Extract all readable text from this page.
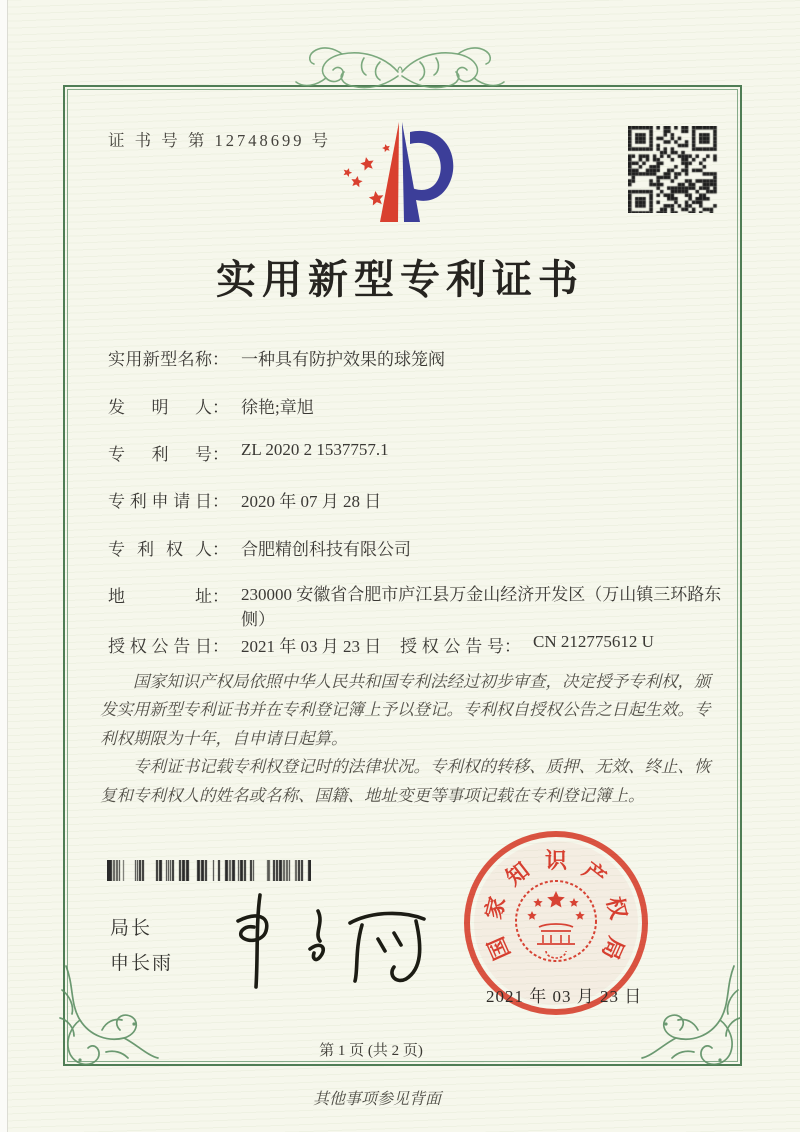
证 书 号 第 12748699 号
实用新型专利证书
实用新型名称： 一种具有防护效果的球笼阀
发明人： 徐艳;章旭
专利号： ZL 2020 2 1537757.1
专利申请日： 2020 年 07 月 28 日
专利权人： 合肥精创科技有限公司
地址： 230000 安徽省合肥市庐江县万金山经济开发区（万山镇三环路东侧）
授权公告日： 2021 年 03 月 23 日 授权公告号： CN 212775612 U

国家知识产权局依照中华人民共和国专利法经过初步审查，决定授予专利权，颁发实用新型专利证书并在专利登记簿上予以登记。专利权自授权公告之日起生效。专利权期限为十年，自申请日起算。

专利证书记载专利权登记时的法律状况。专利权的转移、质押、无效、终止、恢复和专利权人的姓名或名称、国籍、地址变更等事项记载在专利登记簿上。

局长
申长雨	国
家
知 识 产
权
局
2021 年 03 月 23 日
第 1 页 (共 2 页)
其他事项参见背面
